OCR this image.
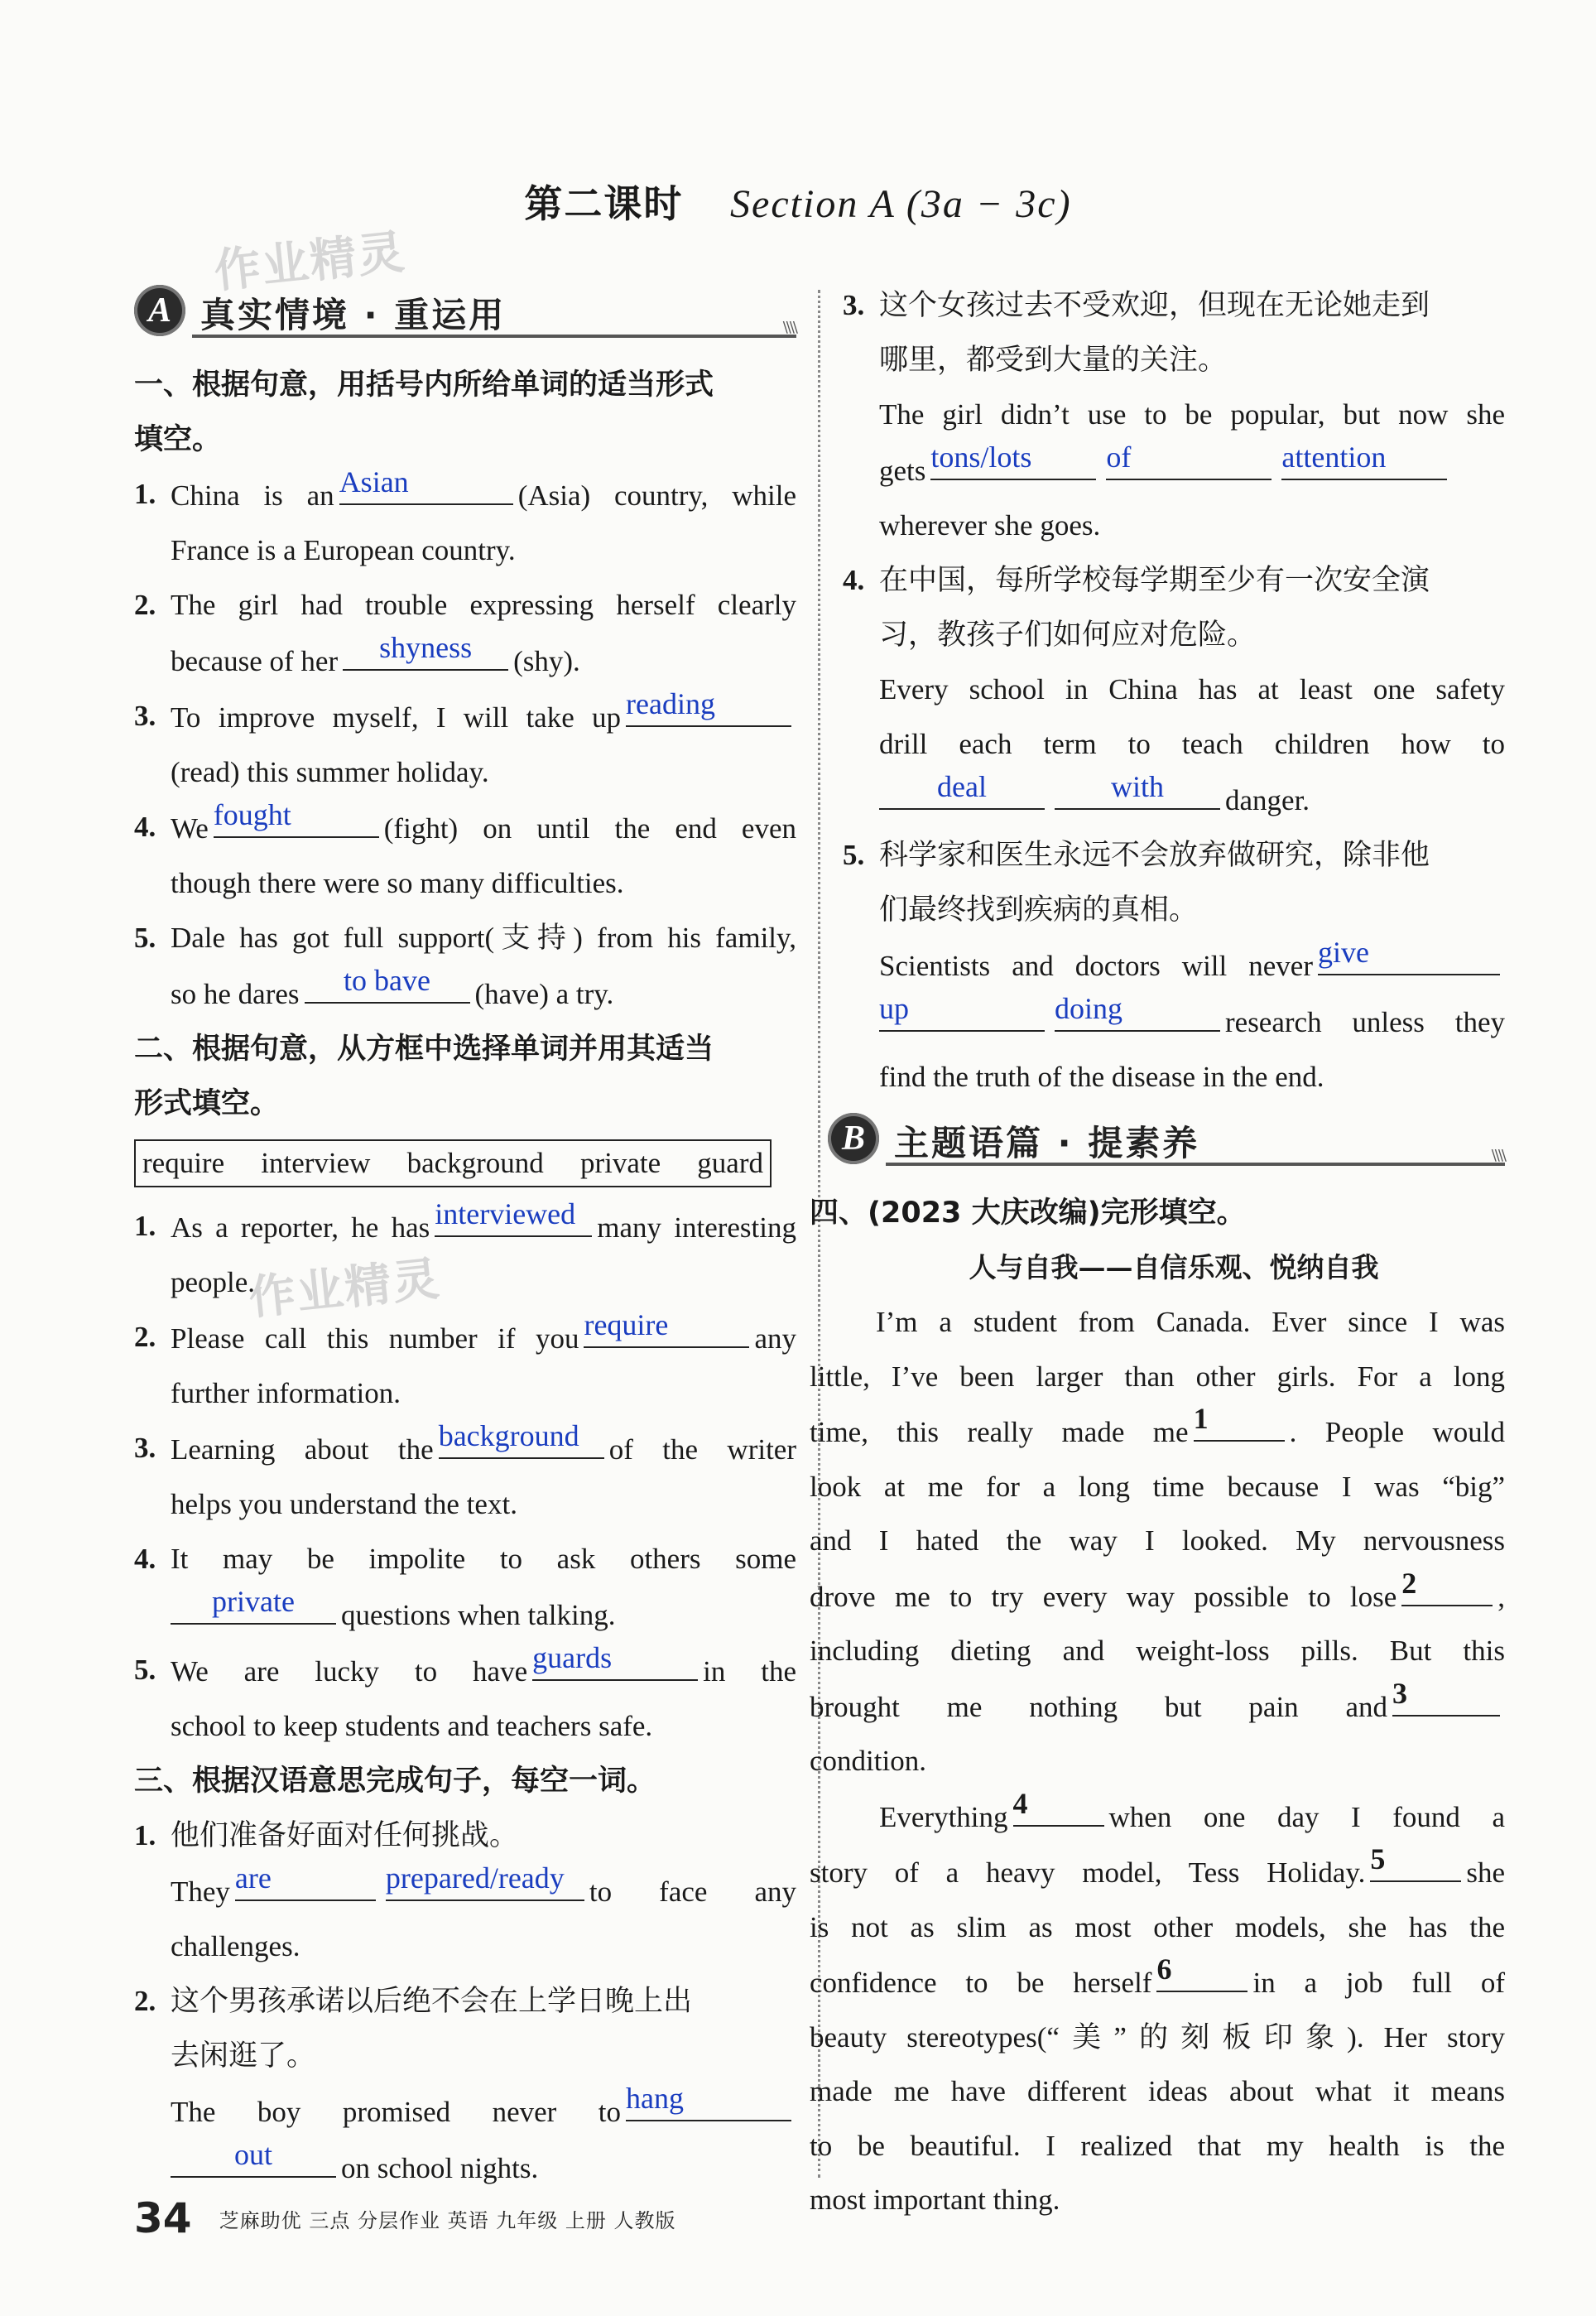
第二课时 Section A (3a − 3c)
作业精灵
作业精灵
A 真实情境 · 重运用
\\\\
一、根据句意，用括号内所给单词的适当形式
填空。
1. China is an Asian	(Asia) country, while
France is a European country.
2. The girl had trouble expressing herself clearly
because of her	shyness	(shy).
3. To improve myself, I will take up reading
(read) this summer holiday.
4. We fought	(fight) on until the end even
though there were so many difficulties.
5. Dale has got full support(支持) from his family,
so he dares	to bave	(have) a try.
二、根据句意，从方框中选择单词并用其适当
形式填空。
require interview background private guard
1. As a reporter, he has interviewed many interesting
people.
2. Please call this number if you require	any
further information.
3. Learning about the background	of the writer
helps you understand the text.
4. It may be impolite to ask others some
private	questions when talking.
5. We are lucky to have guards	in the
school to keep students and teachers safe.
三、根据汉语意思完成句子，每空一词。
1. 他们准备好面对任何挑战。
They are	prepared/ready to face any
challenges.
2. 这个男孩承诺以后绝不会在上学日晚上出
去闲逛了。
The boy promised never to hang
out	on school nights.
3. 这个女孩过去不受欢迎，但现在无论她走到
哪里，都受到大量的关注。
The girl didn’t use to be popular, but now she
gets tons/lots	of	attention
wherever she goes.
4. 在中国，每所学校每学期至少有一次安全演
习，教孩子们如何应对危险。
Every school in China has at least one safety
drill each term to teach children how to
deal	with	danger.
5. 科学家和医生永远不会放弃做研究，除非他
们最终找到疾病的真相。
Scientists and doctors will never give
up	doing	research unless they
find the truth of the disease in the end.
B 主题语篇 · 提素养
\\\\
四、(2023 大庆改编)完形填空。
人与自我——自信乐观、悦纳自我
I’m a student from Canada. Ever since I was
little, I’ve been larger than other girls. For a long
time, this really made me 1	. People would
look at me for a long time because I was “big”
and I hated the way I looked. My nervousness
drove me to try every way possible to lose 2	,
including dieting and weight-loss pills. But this
brought me nothing but pain and 3
condition.
Everything 4	when one day I found a
story of a heavy model, Tess Holiday. 5	she
is not as slim as most other models, she has the
confidence to be herself 6	in a job full of
beauty stereotypes(“美”的刻板印象). Her story
made me have different ideas about what it means
to be beautiful. I realized that my health is the
most important thing.
34 芝麻助优 三点 分层作业 英语 九年级 上册 人教版
